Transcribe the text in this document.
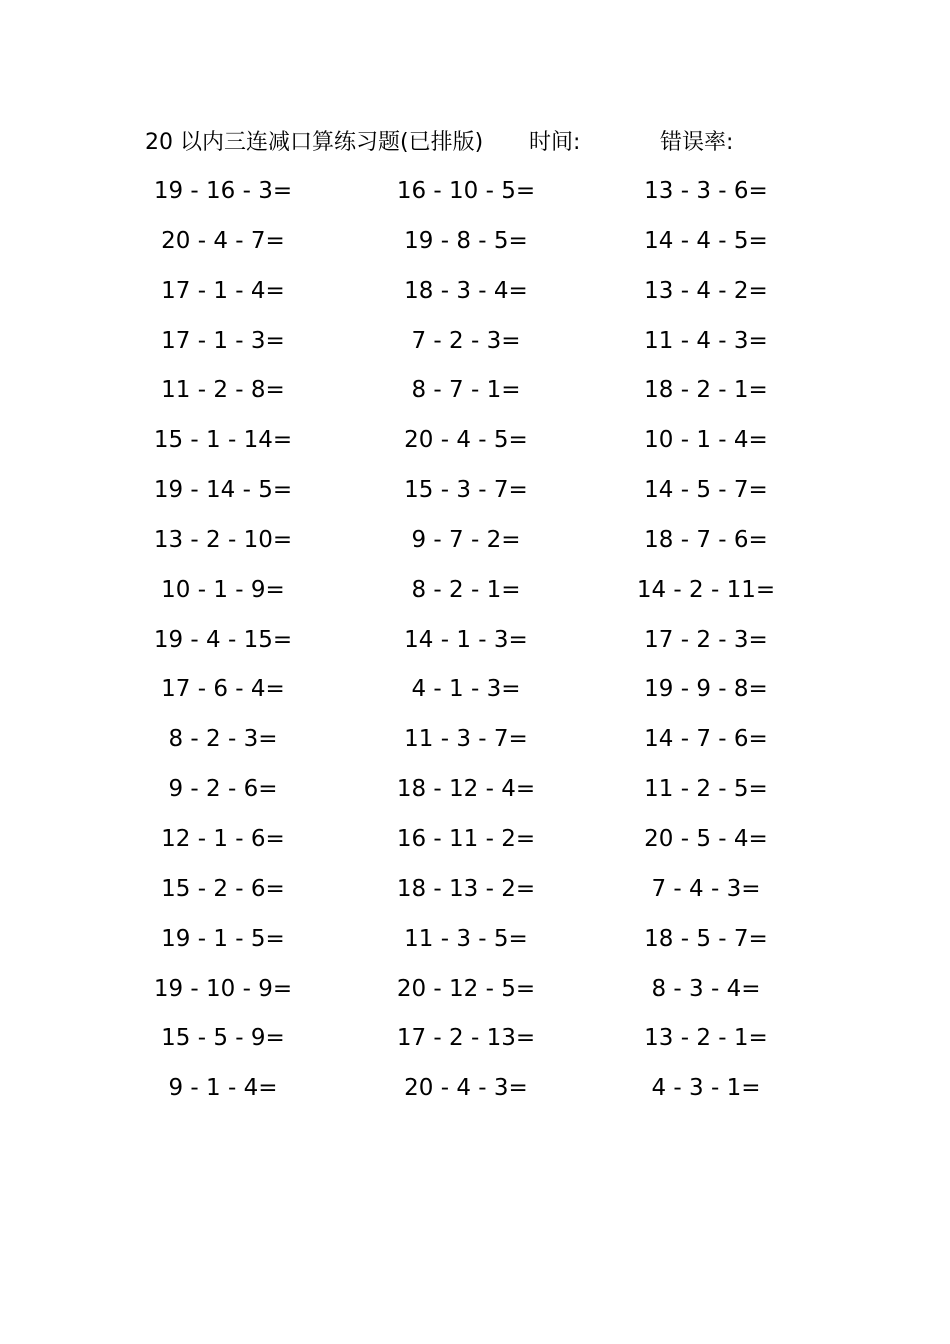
20 以内三连减口算练习题(已排版) 时间:	错误率:
19 - 16 - 3=	16 - 10 - 5=	13 - 3 - 6=
20 - 4 - 7=	19 - 8 - 5=	14 - 4 - 5=
17 - 1 - 4=	18 - 3 - 4=	13 - 4 - 2=
17 - 1 - 3=	7 - 2 - 3=	11 - 4 - 3=
11 - 2 - 8=	8 - 7 - 1=	18 - 2 - 1=
15 - 1 - 14=	20 - 4 - 5=	10 - 1 - 4=
19 - 14 - 5=	15 - 3 - 7=	14 - 5 - 7=
13 - 2 - 10=	9 - 7 - 2=	18 - 7 - 6=
10 - 1 - 9=	8 - 2 - 1=	14 - 2 - 11=
19 - 4 - 15=	14 - 1 - 3=	17 - 2 - 3=
17 - 6 - 4=	4 - 1 - 3=	19 - 9 - 8=
8 - 2 - 3=	11 - 3 - 7=	14 - 7 - 6=
9 - 2 - 6=	18 - 12 - 4=	11 - 2 - 5=
12 - 1 - 6=	16 - 11 - 2=	20 - 5 - 4=
15 - 2 - 6=	18 - 13 - 2=	7 - 4 - 3=
19 - 1 - 5=	11 - 3 - 5=	18 - 5 - 7=
19 - 10 - 9=	20 - 12 - 5=	8 - 3 - 4=
15 - 5 - 9=	17 - 2 - 13=	13 - 2 - 1=
9 - 1 - 4=	20 - 4 - 3=	4 - 3 - 1=
